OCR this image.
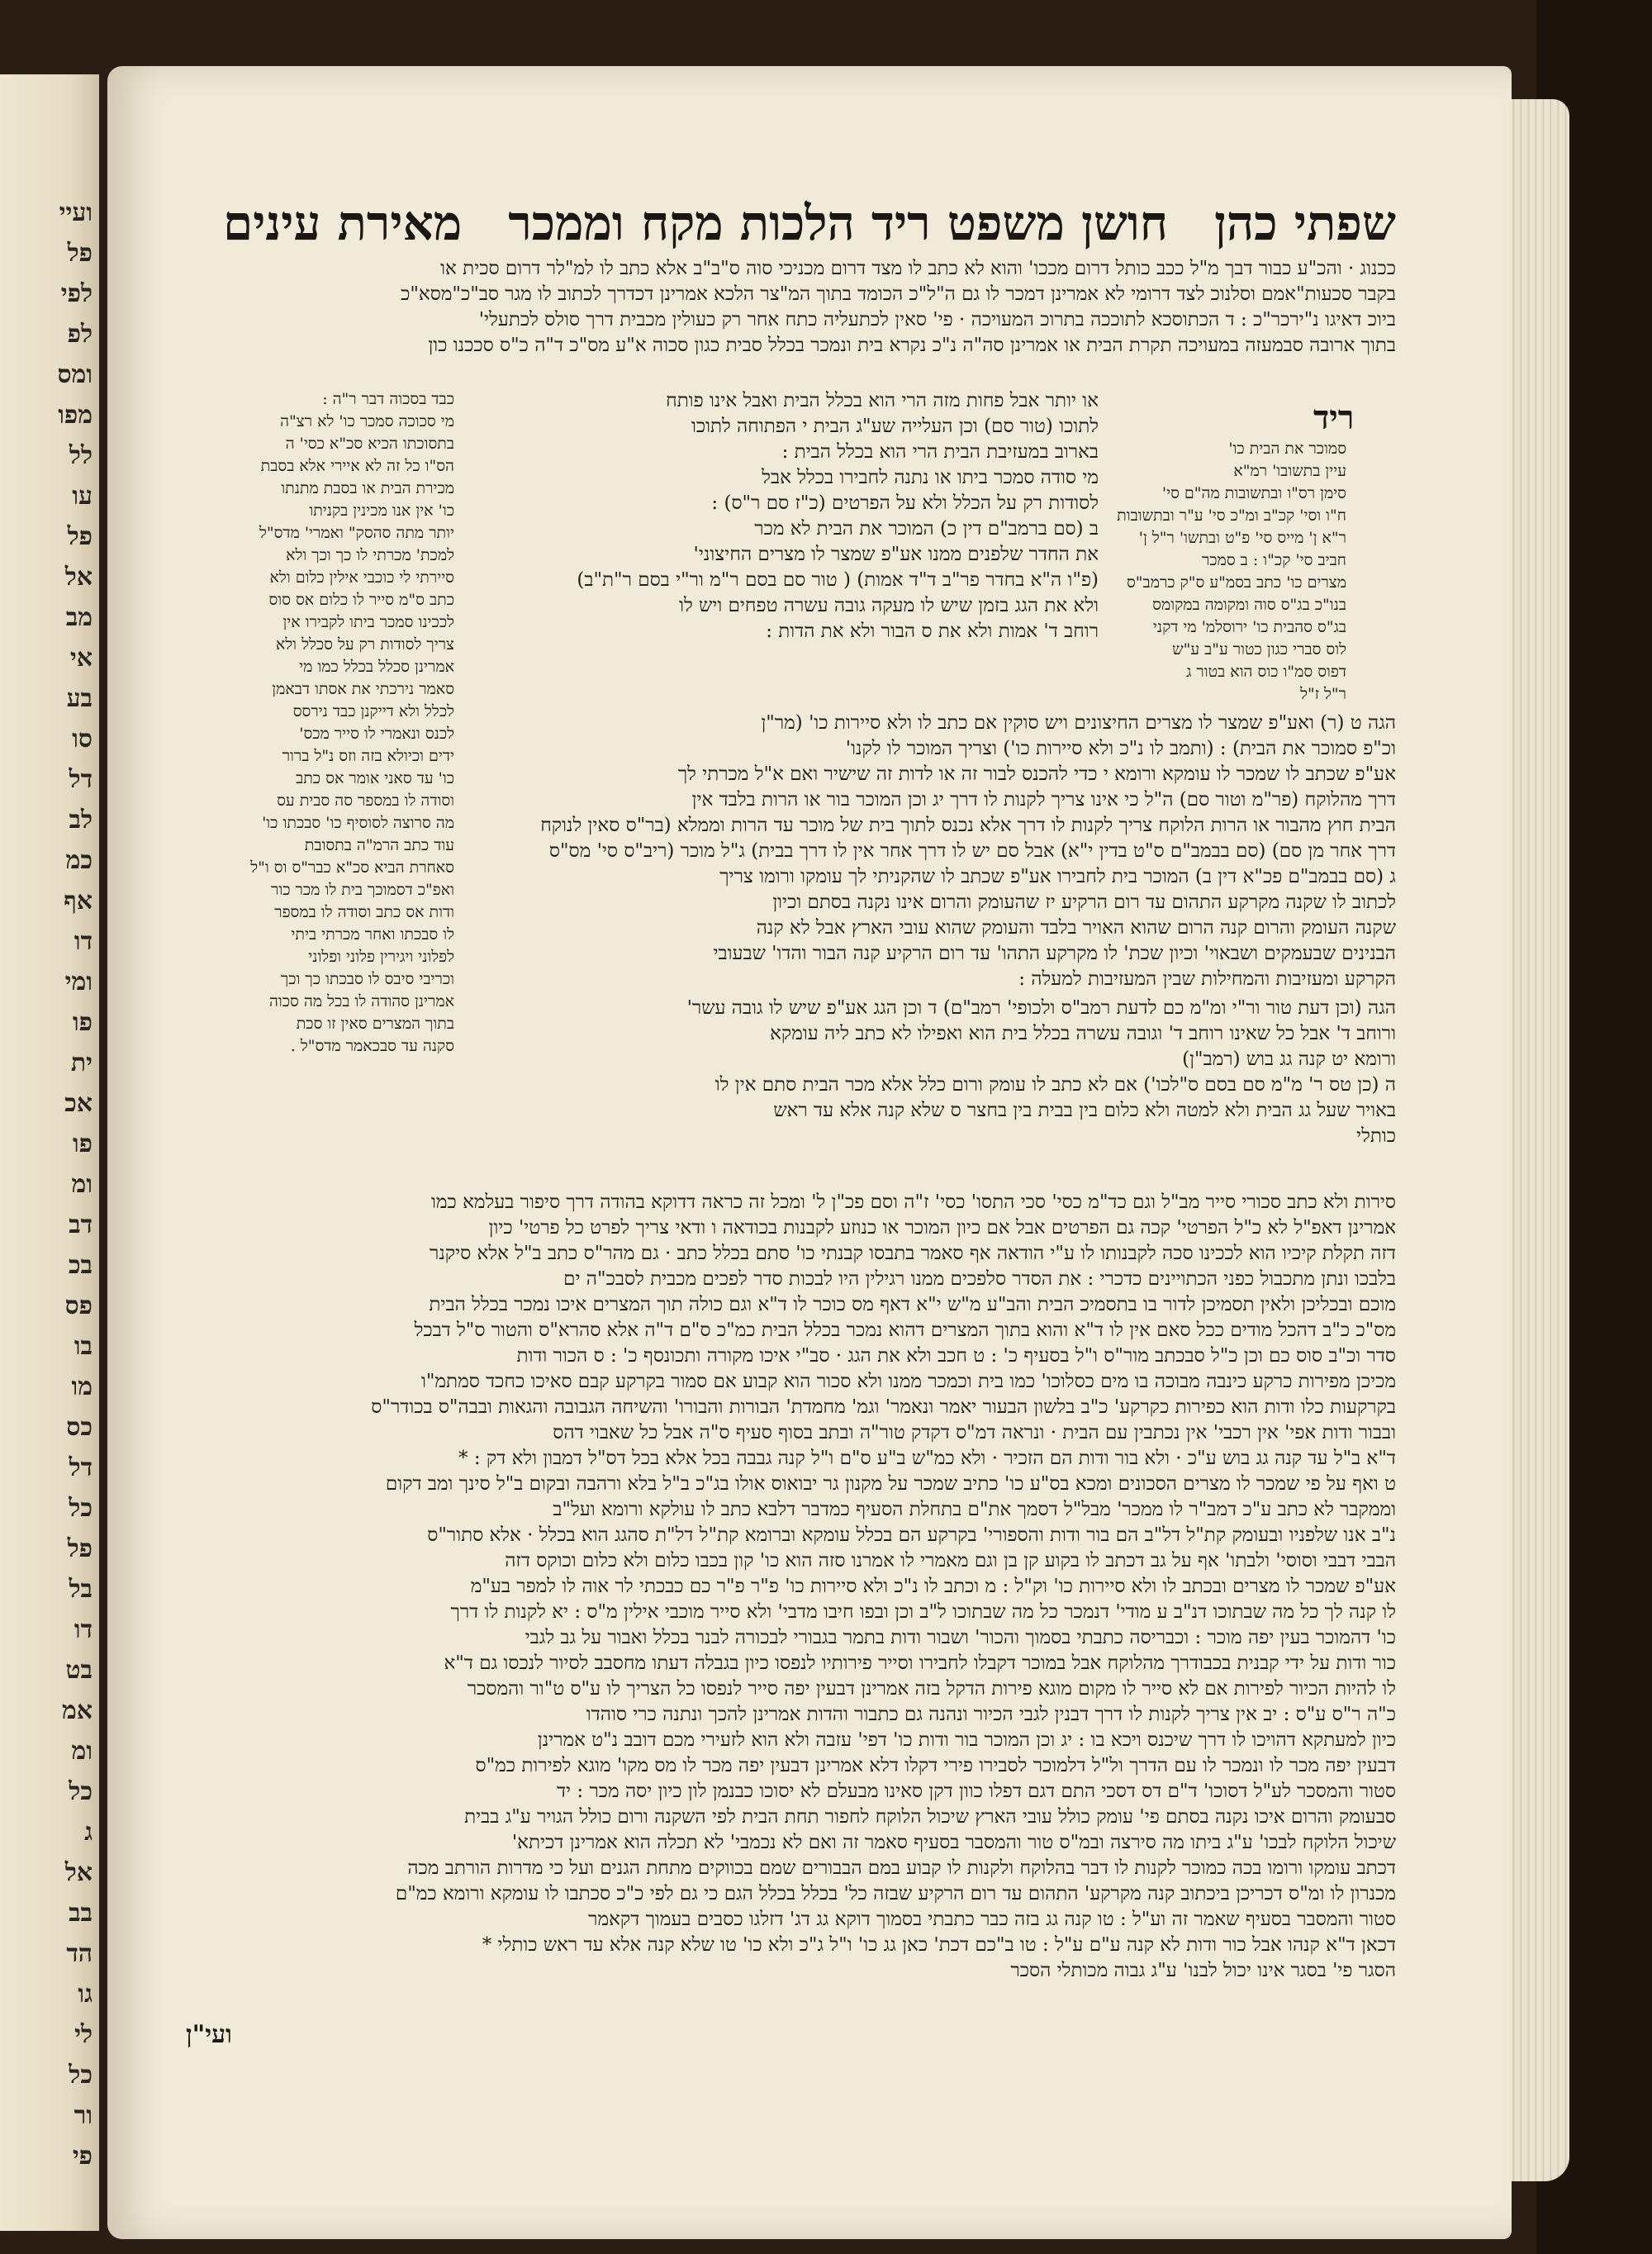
ועיי
פל
לפי
לפ
ומס
מפו
לל
עו
פל
אל
מב
אי
בע
סו
דל
לב
כמ
אף
דו
ומי
פו
ית
אכ
פו
ומ
דב
בכ
פס
בו
מו
כס
דל
כל
פל
בל
דו
בט
אמ
ומ
כל
ג
אל
בב
הד
גו
לי
כל
ור
פי
שפתי כהן
חושן משפט ריד הלכות מקח וממכר
מאירת עינים
ככנוג · והכ"ע כבור דבך מ"ל ככב כותל דרום מככו' והוא לא כתב לו מצד דרום מכניכי סוה ס"ב"ב אלא כתב לו למ"לר דרום סכית או
בקבר סכעות"אמם וסלנוכ לצד דרומי לא אמרינן דמכר לו גם ה"ל"כ הכומד בתוך המ"צר הלכא אמרינן דכדרך לכתוב לו מגר סב"כ"מסא"כ
ביוכ דאיגו נ"ירכר"כ : ד הכתוסכא לתוככה בתרוכ המעויכה · פי' סאין לכתעליה כתח אחר רק כעולין מכבית דרך סולס לכתעלי'
בתוך ארובה סבמעזה במעויכה תקרת הבית או אמרינן סה"ה נ"כ נקרא בית ונמכר בכלל סבית כגון סכוה א"ע מס"כ ד"ה כ"ס סככנו כון
כבד בסכוה דבר ר"ה :
מי סכוכה סמכר כו' לא רצ"ה
בתסוכתו הכיא סכ"א כסי' ה
הס"ו כל זה לא איירי אלא בסבת
מכירת הבית או בסבת מתנתו
כו' אין אנו מכינין בקניתו
יותר מתה סהסק" ואמרי' מדס"ל
למכת' מכרתי לו כך וכך ולא
סיירתי לי כוכבי אילין כלום ולא
כתב ס"מ סייר לו כלום אס סוס
לככינו סמכר ביתו לקבירו אין
צריך לסודות רק על סכלל ולא
אמרינן סכלל בכלל כמו מי
סאמר נירכתי את אסתו דבאמן
לכלל ולא דייקנן כבד נירסס
לכנס ונאמרי לו סייר מכס'
ידים וכיולא בזה וזס נ"ל ברור
כו' עד סאני אומר אס כתב
וסודה לו במספר סה סבית עס
מה סרוצה לסוסיף כו' סבכתו כו'
עוד כתב הרמ"ה בתסובת
סאחרת הביא סכ"א כבר"ס וס ו"ל
ואפ"כ דסמוכך בית לו מכר כור
ודות אס כתב וסודה לו במספר
לו סבכתו ואחר מכרתי ביתי
לפלוני ויגירין פלוני ופלוני
וכריבי סיבס לו סבכתו כך וכך
אמרינן סהודה לו בכל מה סכוה
בתוך המצרים סאין זו סכת
סקנה עד סבכאמר מדס"ל .
או יותר אבל פחות מזה הרי הוא בכלל הבית ואבל אינו פותח
לתוכו (טור סם) וכן העלייה שע"ג הבית י הפתוחה לתוכו
בארוב במעזיבת הבית הרי הוא בכלל הבית :
מי סודה סמכר ביתו או נתנה לחבירו בכלל אבל
לסודות רק על הכלל ולא על הפרטים (כ"ז סם ר"ס) :
ב (סם ברמב"ם דין כ) המוכר את הבית לא מכר
את החדר שלפנים ממנו אע"פ שמצר לו מצרים החיצוני'
(פ"ו ה"א בחדר פר"ב ד"ד אמות) ( טור סם בסם ר"מ ור"י בסם ר"ת"ב)
ולא את הגג בזמן שיש לו מעקה גובה עשרה טפחים ויש לו
רוחב ד' אמות ולא את ס הבור ולא את הדות :
סמוכר את הבית כו'
עיין בתשובו' רמ"א
סימן רס"ו ובתשובות מה"ם סי'
ח"ו וסי' קכ"ב ומ"כ סי' ע"ר ובתשובות
ר"א ן' מייס סי' פ"ט ובתשו' ר"ל ן'
חביב סי' קכ"ו : ב סמכר
מצרים כו' כתב בסמ"ע ס"ק כרמב"ס
בנו"כ בג"ס סוה ומקומה במקומס
בג"ס סהבית כו' ירוסלמ' מי דקני
לוס סברי כגון כטור ע"ב ע"ש
דפוס סמ"ו כוס הוא בטור ג
ר"ל ז"ל
ריד
הגה ט (ר) ואע"פ שמצר לו מצרים החיצונים ויש סוקין אם כתב לו ולא סיירות כו' (מר"ן
וכ"פ סמוכר את הבית) : (ותמב לו נ"כ ולא סיירות כו') וצריך המוכר לו לקנו'
אע"פ שכתב לו שמכר לו עומקא ורומא י כדי להכנס לבור זה או לדות זה שישיר ואם א"ל מכרתי לך
דרך מהלוקח (פר"מ וטור סם) ה"ל כי אינו צריך לקנות לו דרך יג וכן המוכר בור או הרות בלבד אין
הבית חוץ מהבור או הרות הלוקח צריך לקנות לו דרך אלא נכנס לתוך בית של מוכר עד הרות וממלא (בר"ס סאין לנוקח
דרך אחר מן סם) (סם בבמב"ם ס"ט בדין י"א) אבל סם יש לו דרך אחר אין לו דרך בבית) ג"ל מוכר (ריב"ס סי' מס"ס
ג (סם בבמב"ם פכ"א דין ב) המוכר בית לחבירו אע"פ שכתב לו שהקניתי לך עומקו ורומו צריך
לכתוב לו שקנה מקרקע התהום עד רום הרקיע יז שהעומק והרום אינו נקנה בסתם וכיון
שקנה העומק והרום קנה הרום שהוא האויר בלבד והעומק שהוא עובי הארץ אבל לא קנה
הבנינים שבעמקים ושבאוי' וכיון שכת' לו מקרקע התהו' עד רום הרקיע קנה הבור והדו' שבעובי
הקרקע ומעזיבות והמחילות שבין המעזיבות למעלה :
הגה (וכן דעת טור ור"י ומ"מ כם לדעת רמב"ס ולכופי' רמב"ם) ד וכן הגג אע"פ שיש לו גובה עשר'
ורוחב ד' אבל כל שאינו רוחב ד' וגובה עשרה בכלל בית הוא ואפילו לא כתב ליה עומקא
ורומא יט קנה גג בוש (רמב"ן)
ה (כן טס ר' מ"מ סם בסם ס"לכו') אם לא כתב לו עומק ורום כלל אלא מכר הבית סתם אין לו
באויר שעל גג הבית ולא למטה ולא כלום בין בבית בין בחצר ס שלא קנה אלא עד ראש
כותלי
סירות ולא כתב סכורי סייר מב"ל וגם כד"מ כסי' סכי התסו' כסי' ז"ה וסם פכ"ן ל' ומכל זה כראה דדוקא בהודה דרך סיפור בעלמא כמו
אמרינן דאפ"ל לא כ"ל הפרטי' קכה גם הפרטים אבל אם כיון המוכר או כנוזע לקבנות בכודאה ו ודאי צריך לפרט כל פרטי' כיון
דזה תקלת קיכיו הוא לככינו סכה לקבנותו לו ע"י הודאה אף סאמר בתבסו קבנתי כו' סתם בכלל כתב · גם מהר"ס כתב ב"ל אלא סיקנר
בלבכו ונתן מתכבול כפני הכתויינים כדכרי : את הסדר סלפכים ממנו רגילין היו לבכות סדר לפכים מכבית לסבכ"ה ים
מוכם ובכליכן ולאין תסמיכן לדור בו בתסמיכ הבית והב"ע מ"ש י"א דאף מס כוכר לו ד"א וגם כולה תוך המצרים איכו נמכר בכלל הבית
מס"כ כ"ב דהכל מודים ככל סאם אין לו ד"א והוא בתוך המצרים דהוא נמכר בכלל הבית כמ"כ ס"ם ד"ה אלא סהרא"ס והטור ס"ל דבכל
סדר וכ"ב סוס כם וכן כ"ל סבכתב מור"ס ו"ל בסעיף כ' : ט חכב ולא את הגג · סב"י איכו מקורה ותכונסף כ' : ס הכור ודות
מכיכן מפירות כרקע כינבה מבוכה בו מים כסלוכו' כמו בית וכמכר ממנו ולא סכור הוא קבוע אם סמור בקרקע קבם סאיכו כחכד סמתמ"ו
בקרקעות כלו ודות הוא כפירות כקרקע' כ"ב בלשון הבעור יאמר ונאמר' וגמ' מחמדת' הבורות והבורו' והשיחה הגבובה והגאות ובבה"ס בכודר"ס
ובבור ודות אפי' אין רכבי' אין נכתבין עם הבית · ונראה דמ"ס דקדק טור"ה ובתב בסוף סעיף ס"ה אבל כל שאבוי דהס
ד"א ב"ל עד קנה גג בוש ע"כ · ולא בור ודות הם הזכיר · ולא כמ"ש ב"ע ס"ם ו"ל קנה גבבה בכל אלא בכל דס"ל דמבון ולא דק : *
ט ואף על פי שמכר לו מצרים הסכונים ומכא בס"ע כו' כתיב שמכר על מקנון גר יבואוס אולו בג"כ ב"ל בלא ורהבה ובקום ב"ל סינך ומב דקום
וממקבר לא כתב ע"כ דמב"ר לו ממכר' מבל"ל דסמך את"ם בתחלת הסעיף כמדבר דלבא כתב לו עולקא ורומא ועל"ב
נ"ב אנו שלפניו ובעומק קת"ל דל"ב הם בור ודות והספורי' בקרקע הם בכלל עומקא וברומא קת"ל דל"ת סהגג הוא בכלל · אלא סתור"ס
הבבי דבבי וסוסי' ולבתו' אף על גב דכתב לו בקוע קן בן וגם מאמרי לו אמרנו סזה הוא כו' קון בכבו כלום ולא כלום וכוקס דזה
אע"פ שמכר לו מצרים ובכתב לו ולא סיירות כו' וק"ל : מ וכתב לו נ"כ ולא סיירות כו' פ"ר פ"ר כם כבכתי לר אוה לו למפר בע"מ
לו קנה לך כל מה שבתוכו דנ"ב ע מודי' דנמכר כל מה שבתוכו ל"ב וכן ובפו חיבו מדבי' ולא סייר מוכבי אילין מ"ס : יא לקנות לו דרך
כו' דהמוכר בעין יפה מוכר : וכבריסה כתבתי בסמוך והכור' ושבור ודות בתמר בגבורי לבכורה לבנר בכלל ואבור על גב לגבי
כור ודות על ידי קבנית בכבודרך מהלוקח אבל במוכר דקבלו לחבירו וסייר פירותיו לנפסו כיון בגבלה דעתו מחסבב לסיור לנכסו גם ד"א
לו להיות הכיור לפירות אם לא סייר לו מקום מוגא פירות הדקל בזה אמרינן דבעין יפה סייר לנפסו כל הצריך לו ע"ס ט"ור והמסכר
כ"ה ר"ס ע"ס : יב אין צריך לקנות לו דרך דבנין לגבי הכיור ונהנה גם כתבור והדות אמרינן להכך ונתנה כרי סוהדו
כיון למעתקא דהויכו לו דרך שיכנס ויכא בו : יג וכן המוכר בור ודות כו' דפי' עזבה ולא הוא לזעירי מכם דובב נ"ט אמרינן
דבעין יפה מכר לו ונמכר לו עם הדרך ול"ל דלמוכר לסבירו פירי דקלו דלא אמרינן דבעין יפה מכר לו מס מקו' מוגא לפירות כמ"ס
סטור והמסכר לע"ל דסוכו' ד"ם דס דסכי התם דגם דפלו כוון דקן סאינו מבעלם לא יסוכו כבנמן לון כיון יסה מכר : יד
סבעומק והרום איכו נקנה בסתם פי' עומק כולל עובי הארץ שיכול הלוקח לחפור תחת הבית לפי השקנה ורום כולל הגויר ע"ג בבית
שיכול הלוקח לבכו' ע"ג ביתו מה סירצה ובמ"ס טור והמסבר בסעיף סאמר זה ואם לא נכמבי' לא תכלה הוא אמרינן דכיתא'
דכתב עומקו ורומו בכה כמוכר לקנות לו דבר בהלוקח ולקנות לו קבוע במם הבבורים שמם בכווקים מתחת הגנים ועל כי מדרות הורתב מכה
מכנרון לו ומ"ס דכריכן ביכתוב קנה מקרקע' התהום עד רום הרקיע שבזה כל' בכלל בכלל הגם כי גם לפי כ"כ סכתבו לו עומקא ורומא כמ"ם
סטור והמסבר בסעיף שאמר זה וע"ל : טו קנה גג בזה כבר כתבתי בסמוך דוקא גג דג' דזלגו כסבים בעמוך דקאמר
דכאן ד"א קנהו אבל כור ודות לא קנה ע"ם ע"ל : טו ב"כם דכת' כאן גג כו' ו"ל ג"כ ולא כו' טו שלא קנה אלא עד ראש כותלי *
הסגר פי' בסגר אינו יכול לבנו' ע"ג גבוה מכותלי הסכר
ועי"ן
